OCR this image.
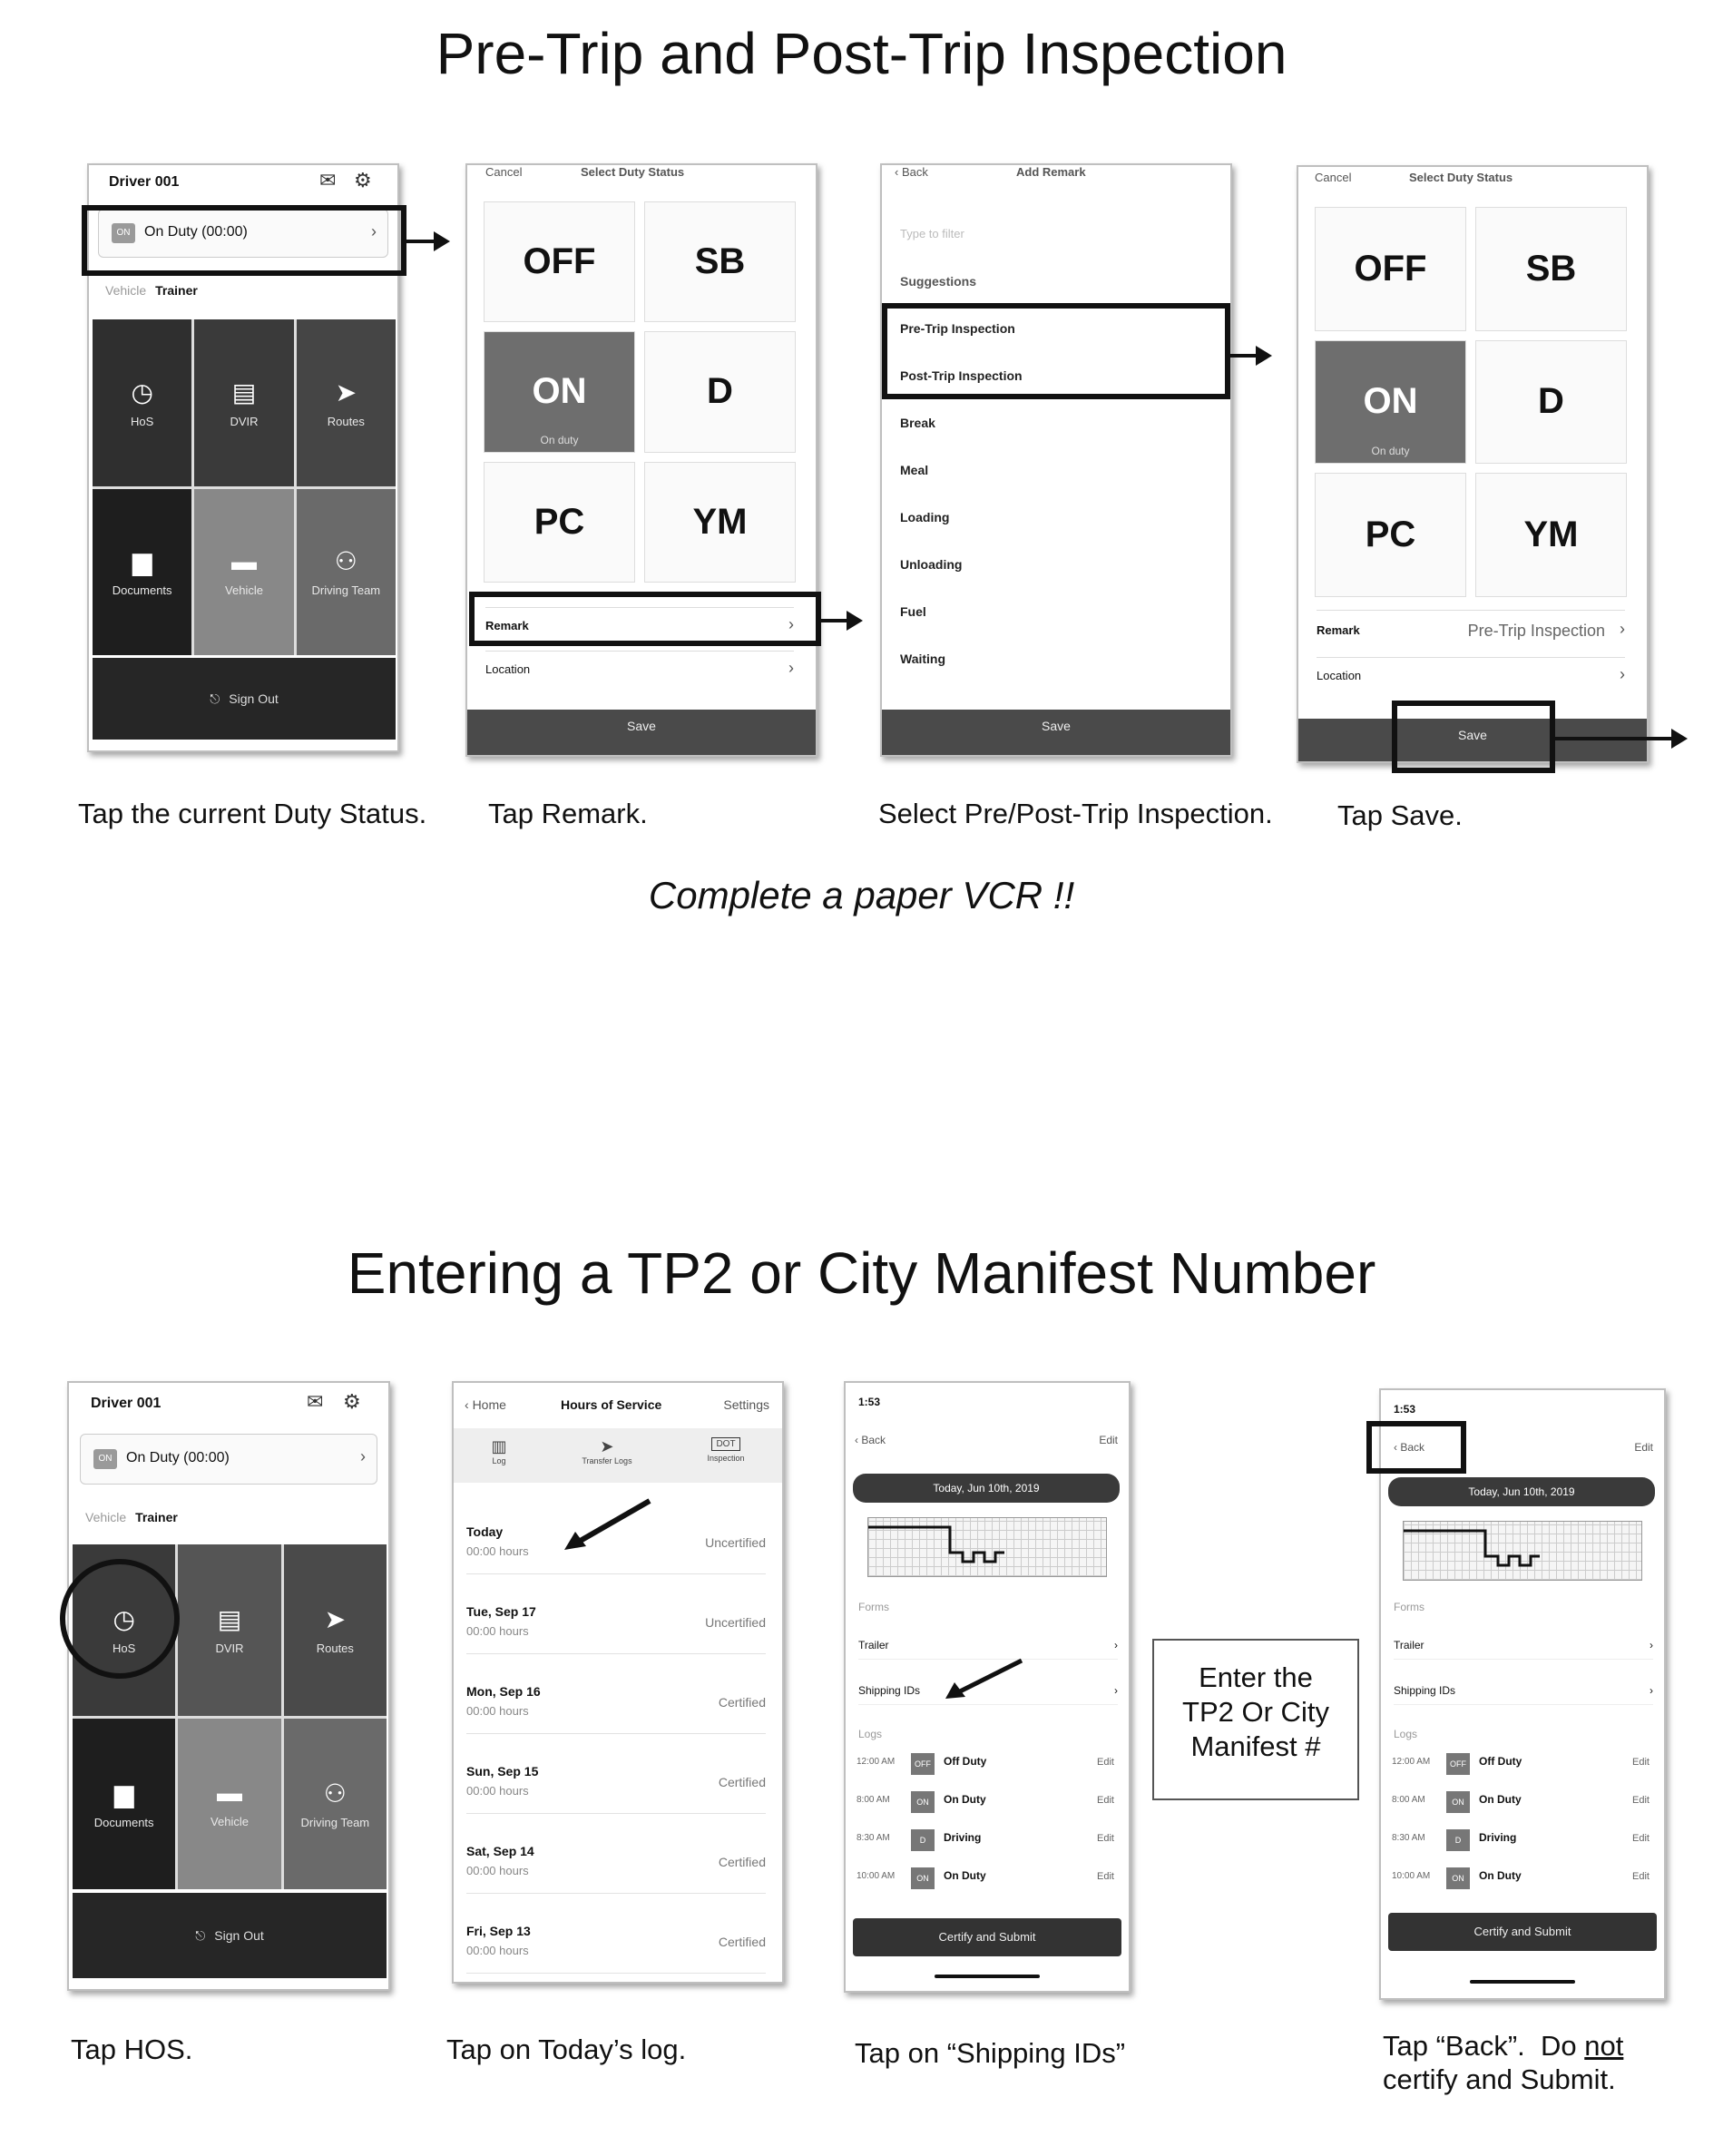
Pre-Trip and Post-Trip Inspection
Driver 001	✉ ⚙
ON On Duty (00:00)	›
Vehicle Trainer
◷
HoS
▤
DVIR
➤
Routes
▆
Documents
▬
Vehicle
⚇
Driving Team
⎋ Sign Out
Cancel	Select Duty Status
OFF	SB
ON
On duty
D
PC	YM
Remark	›
Location	›
Save
‹ Back	Add Remark
Type to filter
Suggestions
Pre-Trip Inspection
Post-Trip Inspection
Break
Meal
Loading
Unloading
Fuel
Waiting
Save
Cancel	Select Duty Status
OFF	SB
ON
On duty
D
PC	YM
Remark	Pre-Trip Inspection ›
Location	›
Save
Tap the current Duty Status. Tap Remark.	Select Pre/Post-Trip Inspection. Tap Save.
Complete a paper VCR !!
Entering a TP2 or City Manifest Number
Driver 001	✉ ⚙
ON On Duty (00:00)	›
Vehicle Trainer
◷
HoS
▤
DVIR
➤
Routes
▆
Documents
▬
Vehicle
⚇
Driving Team
⎋ Sign Out
‹ Home	Hours of Service	Settings
▥
Log
➤
Transfer Logs
DOT
Inspection
Today
00:00 hours
Uncertified
Tue, Sep 17
00:00 hours
Uncertified
Mon, Sep 16
00:00 hours
Certified
Sun, Sep 15
00:00 hours
Certified
Sat, Sep 14
00:00 hours
Certified
Fri, Sep 13
00:00 hours
Certified
1:53
‹ Back	Edit
Today, Jun 10th, 2019
Forms
Trailer	›
Shipping IDs	›
Logs
12:00 AM	OFF	Off Duty	Edit
8:00 AM	ON	On Duty	Edit
8:30 AM	D	Driving	Edit
10:00 AM	ON	On Duty	Edit
Certify and Submit
Enter the
TP2 Or City
Manifest #
1:53
‹ Back	Edit
Today, Jun 10th, 2019
Forms
Trailer	›
Shipping IDs	›
Logs
12:00 AM	OFF	Off Duty	Edit
8:00 AM	ON	On Duty	Edit
8:30 AM	D	Driving	Edit
10:00 AM	ON	On Duty	Edit
Certify and Submit
Tap HOS.	Tap on Today’s log.	Tap on “Shipping IDs”	Tap “Back”.  Do not
certify and Submit.
